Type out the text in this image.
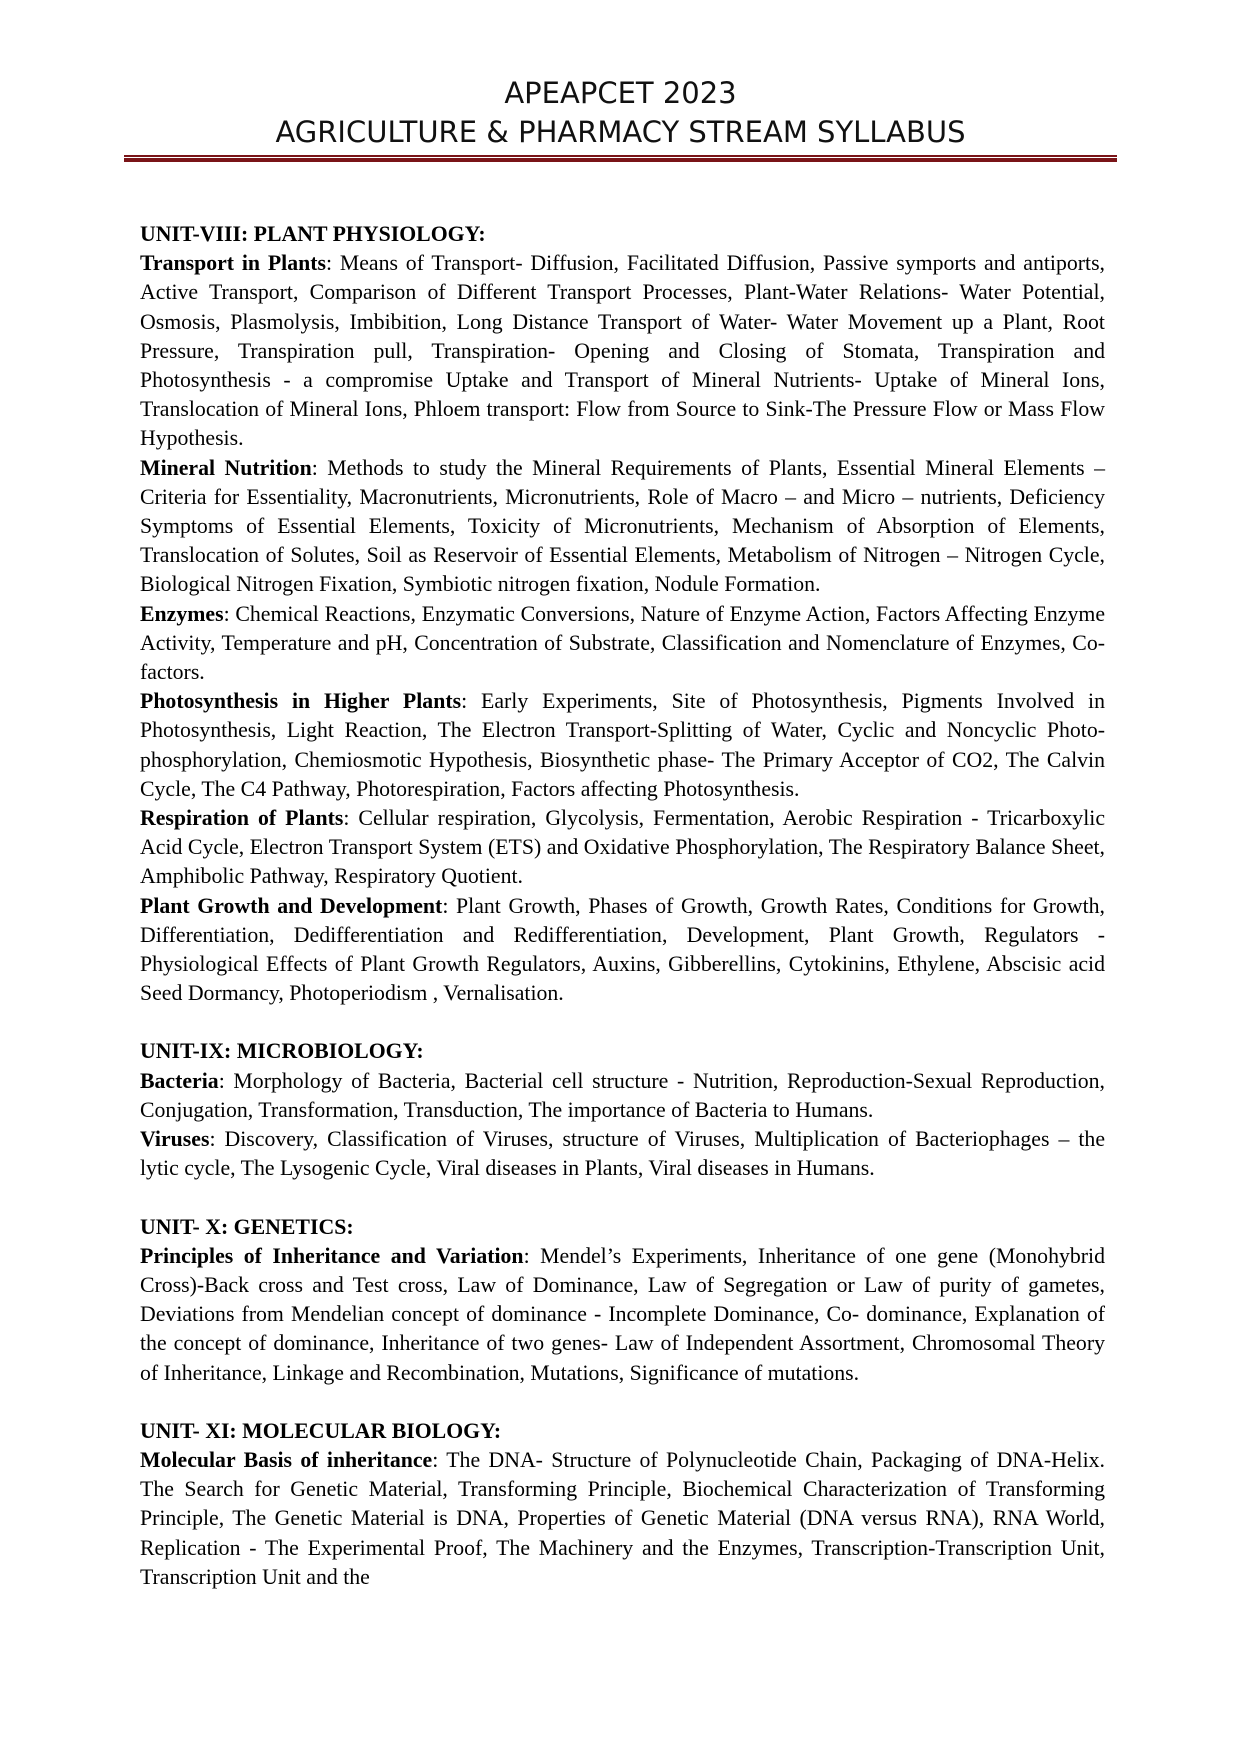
APEAPCET 2023
AGRICULTURE & PHARMACY STREAM SYLLABUS

UNIT-VIII: PLANT PHYSIOLOGY:

Transport in Plants: Means of Transport- Diffusion, Facilitated Diffusion, Passive symports and antiports, Active Transport, Comparison of Different Transport Processes, Plant-Water Relations- Water Potential, Osmosis, Plasmolysis, Imbibition, Long Distance Transport of Water- Water Movement up a Plant, Root Pressure, Transpiration pull, Transpiration- Opening and Closing of Stomata, Transpiration and Photosynthesis - a compromise Uptake and Transport of Mineral Nutrients- Uptake of Mineral Ions, Translocation of Mineral Ions, Phloem transport: Flow from Source to Sink-The Pressure Flow or Mass Flow Hypothesis.

Mineral Nutrition: Methods to study the Mineral Requirements of Plants, Essential Mineral Elements – Criteria for Essentiality, Macronutrients, Micronutrients, Role of Macro – and Micro – nutrients, Deficiency Symptoms of Essential Elements, Toxicity of Micronutrients, Mechanism of Absorption of Elements, Translocation of Solutes, Soil as Reservoir of Essential Elements, Metabolism of Nitrogen – Nitrogen Cycle, Biological Nitrogen Fixation, Symbiotic nitrogen fixation, Nodule Formation.

Enzymes: Chemical Reactions, Enzymatic Conversions, Nature of Enzyme Action, Factors Affecting Enzyme Activity, Temperature and pH, Concentration of Substrate, Classification and Nomenclature of Enzymes, Co-factors.

Photosynthesis in Higher Plants: Early Experiments, Site of Photosynthesis, Pigments Involved in Photosynthesis, Light Reaction, The Electron Transport-Splitting of Water, Cyclic and Noncyclic Photo-phosphorylation, Chemiosmotic Hypothesis, Biosynthetic phase- The Primary Acceptor of CO2, The Calvin Cycle, The C4 Pathway, Photorespiration, Factors affecting Photosynthesis.

Respiration of Plants: Cellular respiration, Glycolysis, Fermentation, Aerobic Respiration - Tricarboxylic Acid Cycle, Electron Transport System (ETS) and Oxidative Phosphorylation, The Respiratory Balance Sheet, Amphibolic Pathway, Respiratory Quotient.

Plant Growth and Development: Plant Growth, Phases of Growth, Growth Rates, Conditions for Growth, Differentiation, Dedifferentiation and Redifferentiation, Development, Plant Growth, Regulators - Physiological Effects of Plant Growth Regulators, Auxins, Gibberellins, Cytokinins, Ethylene, Abscisic acid Seed Dormancy, Photoperiodism , Vernalisation.

UNIT-IX: MICROBIOLOGY:

Bacteria: Morphology of Bacteria, Bacterial cell structure - Nutrition, Reproduction-Sexual Reproduction, Conjugation, Transformation, Transduction, The importance of Bacteria to Humans.

Viruses: Discovery, Classification of Viruses, structure of Viruses, Multiplication of Bacteriophages – the lytic cycle, The Lysogenic Cycle, Viral diseases in Plants, Viral diseases in Humans.

UNIT- X: GENETICS:

Principles of Inheritance and Variation: Mendel’s Experiments, Inheritance of one gene (Monohybrid Cross)-Back cross and Test cross, Law of Dominance, Law of Segregation or Law of purity of gametes, Deviations from Mendelian concept of dominance - Incomplete Dominance, Co- dominance, Explanation of the concept of dominance, Inheritance of two genes- Law of Independent Assortment, Chromosomal Theory of Inheritance, Linkage and Recombination, Mutations, Significance of mutations.

UNIT- XI: MOLECULAR BIOLOGY:

Molecular Basis of inheritance: The DNA- Structure of Polynucleotide Chain, Packaging of DNA-Helix. The Search for Genetic Material, Transforming Principle, Biochemical Characterization of Transforming Principle, The Genetic Material is DNA, Properties of Genetic Material (DNA versus RNA), RNA World, Replication - The Experimental Proof, The Machinery and the Enzymes, Transcription-Transcription Unit, Transcription Unit and the
